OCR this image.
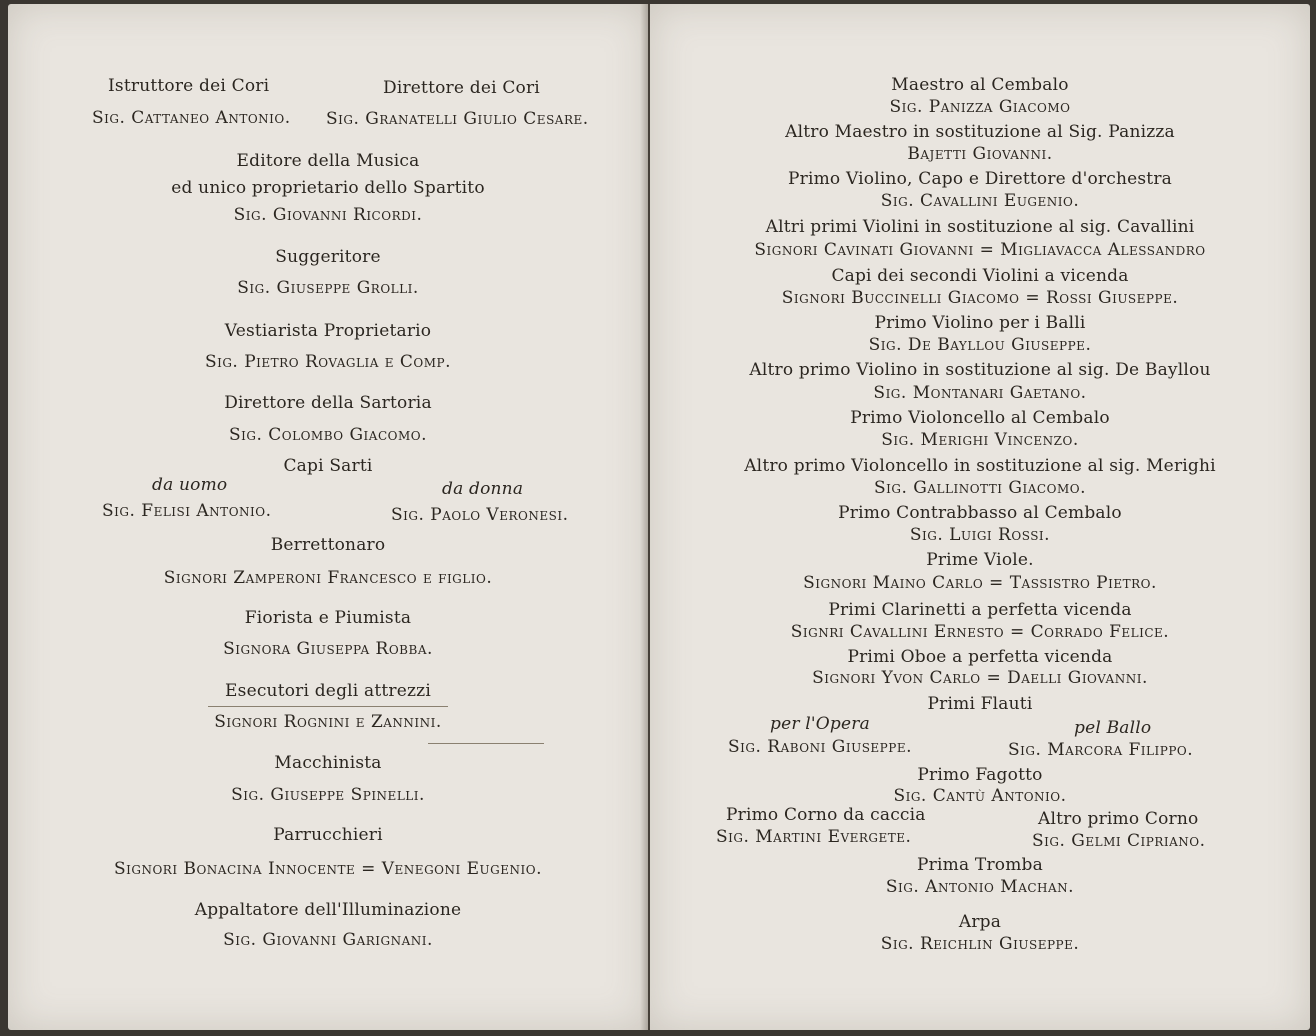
Istruttore dei Cori	Direttore dei Cori
Sig. Cattaneo Antonio. Sig. Granatelli Giulio Cesare.
Editore della Musica
ed unico proprietario dello Spartito
Sig. Giovanni Ricordi.
Suggeritore
Sig. Giuseppe Grolli.
Vestiarista Proprietario
Sig. Pietro Rovaglia e Comp.
Direttore della Sartoria
Sig. Colombo Giacomo.
Capi Sarti
da uomo	da donna
Sig. Felisi Antonio.	Sig. Paolo Veronesi.
Berrettonaro
Signori Zamperoni Francesco e figlio.
Fiorista e Piumista
Signora Giuseppa Robba.
Esecutori degli attrezzi
Signori Rognini e Zannini.
Macchinista
Sig. Giuseppe Spinelli.
Parrucchieri
Signori Bonacina Innocente = Venegoni Eugenio.
Appaltatore dell'Illuminazione
Sig. Giovanni Garignani.
Maestro al Cembalo
Sig. Panizza Giacomo
Altro Maestro in sostituzione al Sig. Panizza
Bajetti Giovanni.
Primo Violino, Capo e Direttore d'orchestra
Sig. Cavallini Eugenio.
Altri primi Violini in sostituzione al sig. Cavallini
Signori Cavinati Giovanni = Migliavacca Alessandro
Capi dei secondi Violini a vicenda
Signori Buccinelli Giacomo = Rossi Giuseppe.
Primo Violino per i Balli
Sig. De Bayllou Giuseppe.
Altro primo Violino in sostituzione al sig. De Bayllou
Sig. Montanari Gaetano.
Primo Violoncello al Cembalo
Sig. Merighi Vincenzo.
Altro primo Violoncello in sostituzione al sig. Merighi
Sig. Gallinotti Giacomo.
Primo Contrabbasso al Cembalo
Sig. Luigi Rossi.
Prime Viole.
Signori Maino Carlo = Tassistro Pietro.
Primi Clarinetti a perfetta vicenda
Signri Cavallini Ernesto = Corrado Felice.
Primi Oboe a perfetta vicenda
Signori Yvon Carlo = Daelli Giovanni.
Primi Flauti
per l'Opera	pel Ballo
Sig. Raboni Giuseppe.	Sig. Marcora Filippo.
Primo Fagotto
Sig. Cantù Antonio.
Primo Corno da caccia	Altro primo Corno
Sig. Martini Evergete.	Sig. Gelmi Cipriano.
Prima Tromba
Sig. Antonio Machan.
Arpa
Sig. Reichlin Giuseppe.
